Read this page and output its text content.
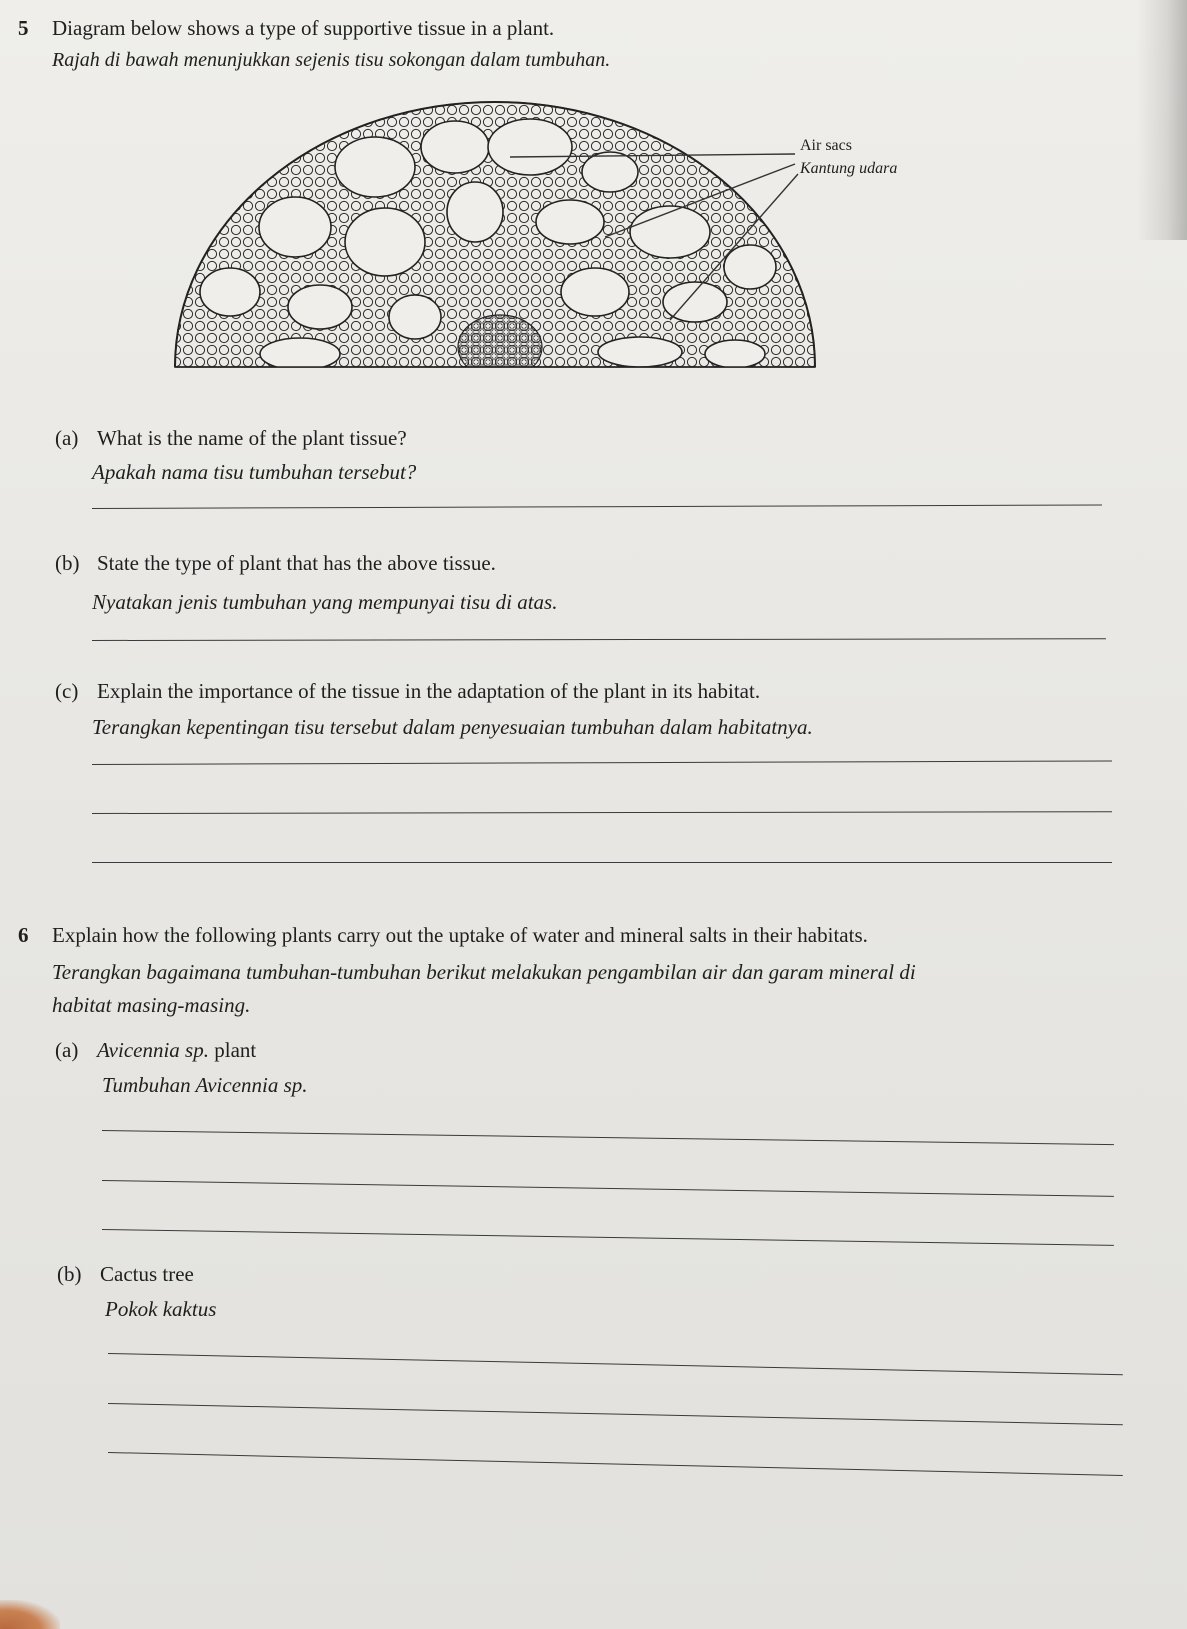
5 Diagram below shows a type of supportive tissue in a plant.
Rajah di bawah menunjukkan sejenis tisu sokongan dalam tumbuhan.
Air sacs
Kantung udara
(a) What is the name of the plant tissue?
Apakah nama tisu tumbuhan tersebut?
(b) State the type of plant that has the above tissue.
Nyatakan jenis tumbuhan yang mempunyai tisu di atas.
(c) Explain the importance of the tissue in the adaptation of the plant in its habitat.
Terangkan kepentingan tisu tersebut dalam penyesuaian tumbuhan dalam habitatnya.
6 Explain how the following plants carry out the uptake of water and mineral salts in their habitats.
Terangkan bagaimana tumbuhan-tumbuhan berikut melakukan pengambilan air dan garam mineral di
habitat masing-masing.
(a) Avicennia sp. plant
Tumbuhan Avicennia sp.
(b) Cactus tree
Pokok kaktus
